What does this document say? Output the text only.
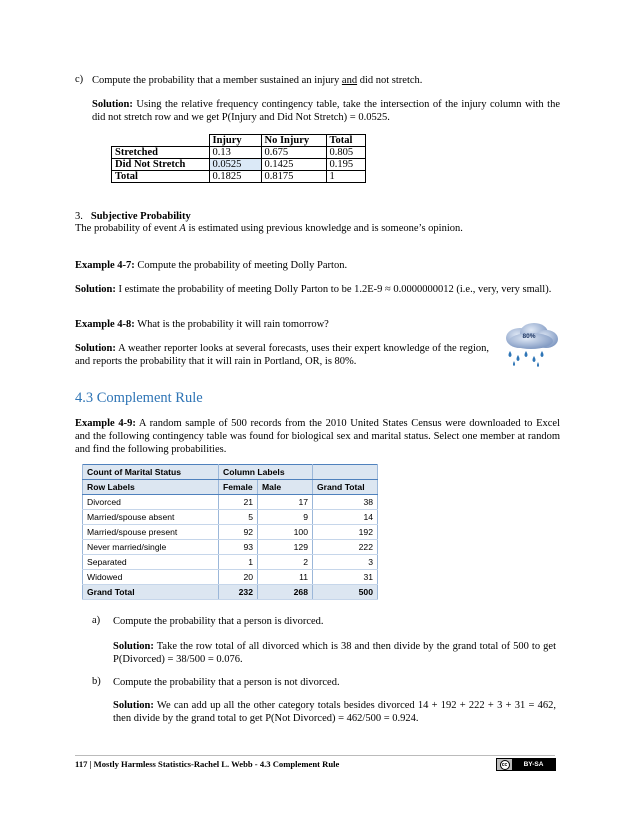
c) Compute the probability that a member sustained an injury and did not stretch.

Solution: Using the relative frequency contingency table, take the intersection of the injury column with the did not stretch row and we get P(Injury and Did Not Stretch) = 0.0525.

	Injury	No Injury	Total
Stretched	0.13	0.675	0.805
Did Not Stretch	0.0525	0.1425	0.195
Total	0.1825	0.8175	1

3. Subjective Probability

The probability of event A is estimated using previous knowledge and is someone’s opinion.

Example 4-7: Compute the probability of meeting Dolly Parton.

Solution: I estimate the probability of meeting Dolly Parton to be 1.2E-9 ≈ 0.0000000012 (i.e., very, very small).

Example 4-8: What is the probability it will rain tomorrow?

Solution: A weather reporter looks at several forecasts, uses their expert knowledge of the region, and reports the probability that it will rain in Portland, OR, is 80%.

80%
4.3 Complement Rule

Example 4-9: A random sample of 500 records from the 2010 United States Census were downloaded to Excel and the following contingency table was found for biological sex and marital status. Select one member at random and find the following probabilities.

Count of Marital Status	Column Labels		
Row Labels	Female	Male	Grand Total
Divorced	21	17	38
Married/spouse absent	5	9	14
Married/spouse present	92	100	192
Never married/single	93	129	222
Separated	1	2	3
Widowed	20	11	31
Grand Total	232	268	500
a) Compute the probability that a person is divorced.

Solution: Take the row total of all divorced which is 38 and then divide by the grand total of 500 to get P(Divorced) = 38/500 = 0.076.

b) Compute the probability that a person is not divorced.

Solution: We can add up all the other category totals besides divorced 14 + 192 + 222 + 3 + 31 = 462, then divide by the grand total to get P(Not Divorced) = 462/500 = 0.924.

117 | Mostly Harmless Statistics-Rachel L. Webb - 4.3 Complement Rule	cc	BY-SA
